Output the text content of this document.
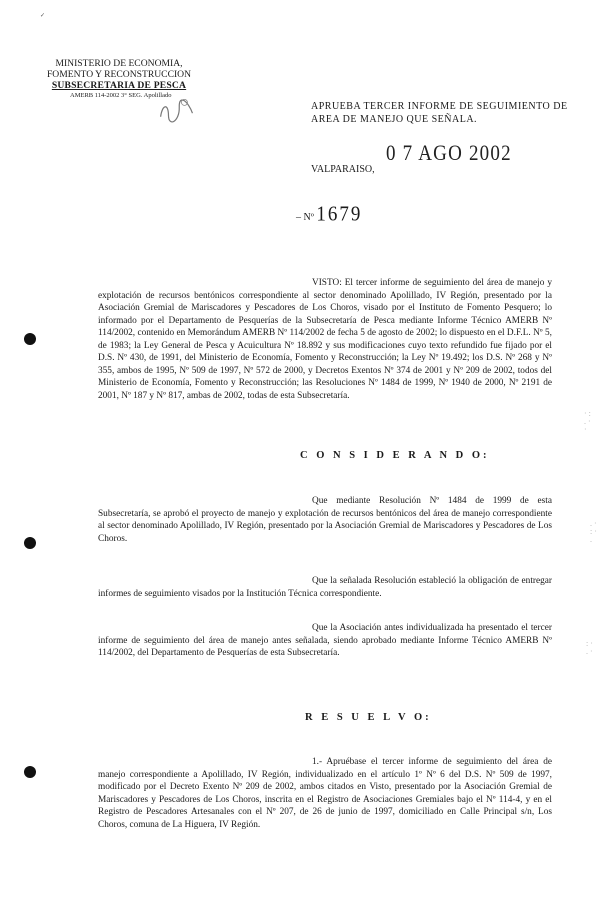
✓
MINISTERIO DE ECONOMIA,
FOMENTO Y RECONSTRUCCION
SUBSECRETARIA DE PESCA
AMERB 114-2002 3° SEG. Apolillado

APRUEBA TERCER INFORME DE SEGUIMIENTO DE AREA DE MANEJO QUE SEÑALA.

0 7 AGO 2002
VALPARAISO,
– Nº 1679

VISTO: El tercer informe de seguimiento del área de manejo y explotación de recursos bentónicos correspondiente al sector denominado Apolillado, IV Región, presentado por la Asociación Gremial de Mariscadores y Pescadores de Los Choros, visado por el Instituto de Fomento Pesquero; lo informado por el Departamento de Pesquerías de la Subsecretaría de Pesca mediante Informe Técnico AMERB Nº 114/2002, contenido en Memorándum AMERB Nº 114/2002 de fecha 5 de agosto de 2002; lo dispuesto en el D.F.L. Nº 5, de 1983; la Ley General de Pesca y Acuicultura Nº 18.892 y sus modificaciones cuyo texto refundido fue fijado por el D.S. Nº 430, de 1991, del Ministerio de Economía, Fomento y Reconstrucción; la Ley Nº 19.492; los D.S. Nº 268 y Nº 355, ambos de 1995, Nº 509 de 1997, Nº 572 de 2000, y Decretos Exentos Nº 374 de 2001 y Nº 209 de 2002, todos del Ministerio de Economía, Fomento y Reconstrucción; las Resoluciones Nº 1484 de 1999, Nº 1940 de 2000, Nº 2191 de 2001, Nº 187 y Nº 817, ambas de 2002, todas de esta Subsecretaría.

C O N S I D E R A N D O:

Que mediante Resolución Nº 1484 de 1999 de esta Subsecretaría, se aprobó el proyecto de manejo y explotación de recursos bentónicos del área de manejo correspondiente al sector denominado Apolillado, IV Región, presentado por la Asociación Gremial de Mariscadores y Pescadores de Los Choros.

Que la señalada Resolución estableció la obligación de entregar informes de seguimiento visados por la Institución Técnica correspondiente.

Que la Asociación antes individualizada ha presentado el tercer informe de seguimiento del área de manejo antes señalada, siendo aprobado mediante Informe Técnico AMERB Nº 114/2002, del Departamento de Pesquerías de esta Subsecretaría.

R E S U E L V O:

1.- Apruébase el tercer informe de seguimiento del área de manejo correspondiente a Apolillado, IV Región, individualizado en el artículo 1º Nº 6 del D.S. Nº 509 de 1997, modificado por el Decreto Exento Nº 209 de 2002, ambos citados en Visto, presentado por la Asociación Gremial de Mariscadores y Pescadores de Los Choros, inscrita en el Registro de Asociaciones Gremiales bajo el Nº 114-4, y en el Registro de Pescadores Artesanales con el Nº 207, de 26 de junio de 1997, domiciliado en Calle Principal s/n, Los Choros, comuna de La Higuera, IV Región.

· : . · ·
. · : · .
: · . ·
